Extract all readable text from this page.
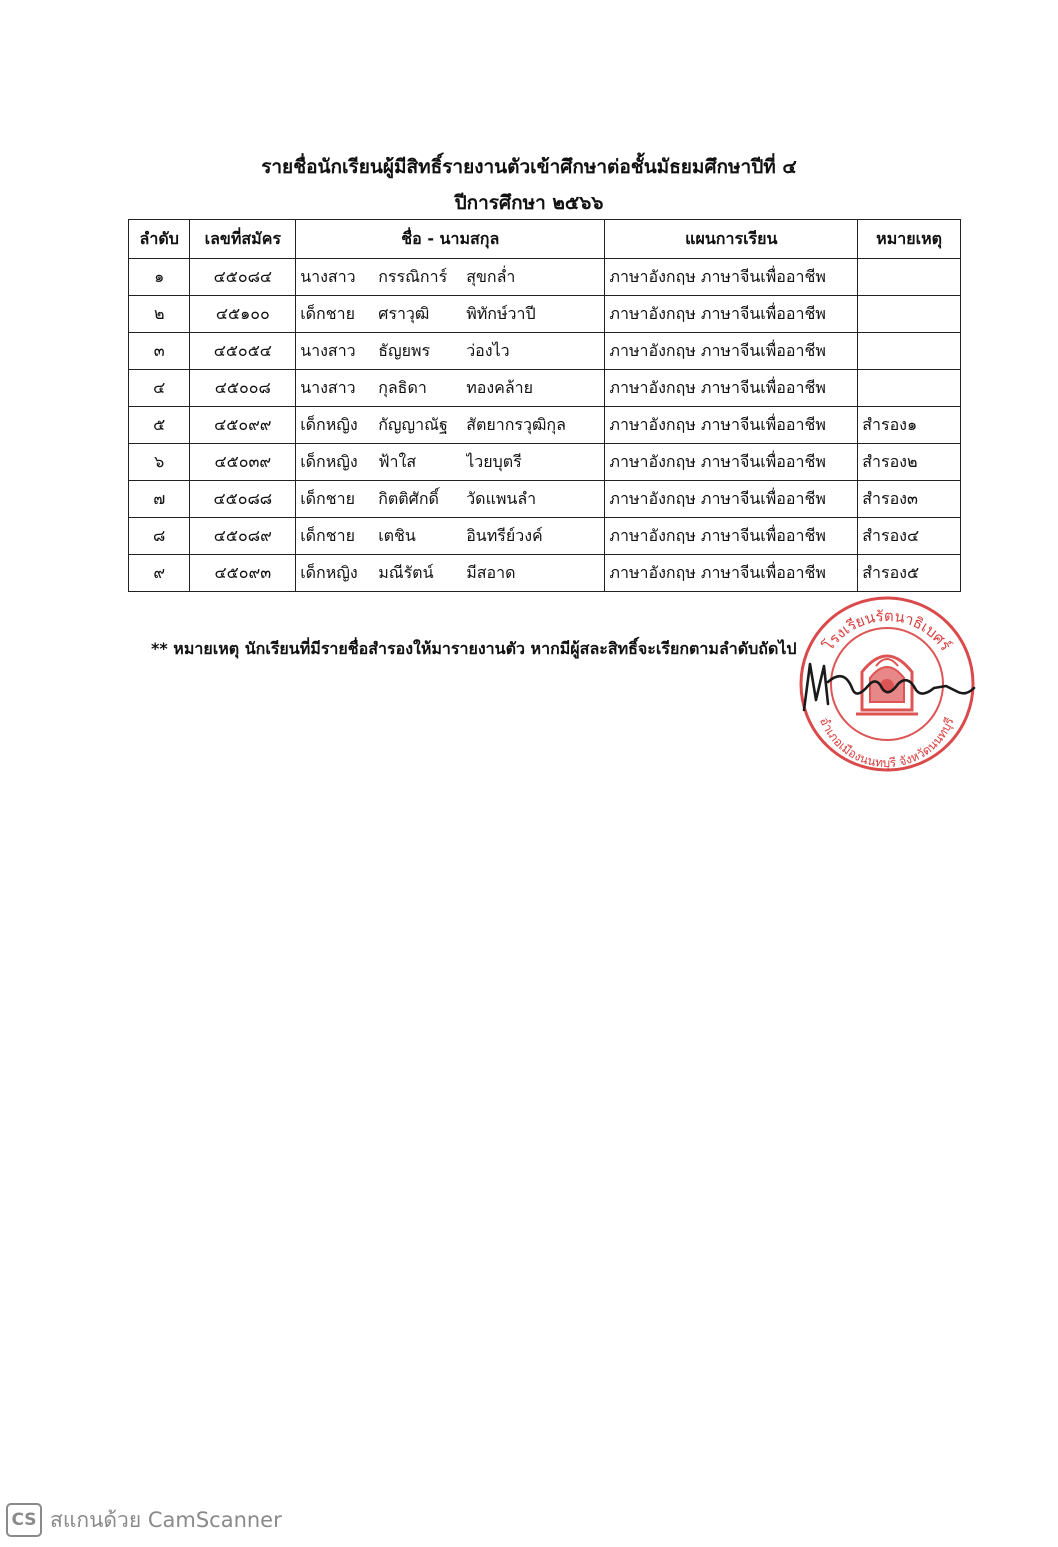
รายชื่อนักเรียนผู้มีสิทธิ์รายงานตัวเข้าศึกษาต่อชั้นมัธยมศึกษาปีที่ ๔
ปีการศึกษา ๒๕๖๖
ลำดับ	เลขที่สมัคร	ชื่อ - นามสกุล	แผนการเรียน	หมายเหตุ
๑	๔๕๐๘๔	นางสาว กรรณิการ์ สุขกล่ำ	ภาษาอังกฤษ ภาษาจีนเพื่ออาชีพ	
๒	๔๕๑๐๐	เด็กชาย ศราวุฒิ พิทักษ์วาปี	ภาษาอังกฤษ ภาษาจีนเพื่ออาชีพ	
๓	๔๕๐๕๔	นางสาว ธัญยพร ว่องไว	ภาษาอังกฤษ ภาษาจีนเพื่ออาชีพ	
๔	๔๕๐๐๘	นางสาว กุลธิดา ทองคล้าย	ภาษาอังกฤษ ภาษาจีนเพื่ออาชีพ	
๕	๔๕๐๙๙	เด็กหญิง กัญญาณัฐ สัตยากรวุฒิกุล	ภาษาอังกฤษ ภาษาจีนเพื่ออาชีพ	สำรอง๑
๖	๔๕๐๓๙	เด็กหญิง ฟ้าใส ไวยบุตรี	ภาษาอังกฤษ ภาษาจีนเพื่ออาชีพ	สำรอง๒
๗	๔๕๐๘๘	เด็กชาย กิตติศักดิ์ วัดแพนลำ	ภาษาอังกฤษ ภาษาจีนเพื่ออาชีพ	สำรอง๓
๘	๔๕๐๘๙	เด็กชาย เตชิน อินทรีย์วงค์	ภาษาอังกฤษ ภาษาจีนเพื่ออาชีพ	สำรอง๔
๙	๔๕๐๙๓	เด็กหญิง มณีรัตน์ มีสอาด	ภาษาอังกฤษ ภาษาจีนเพื่ออาชีพ	สำรอง๕
** หมายเหตุ นักเรียนที่มีรายชื่อสำรองให้มารายงานตัว หากมีผู้สละสิทธิ์จะเรียกตามลำดับถัดไป โรงเรียนรัตนาธิเบศร์
อำเภอเมืองนนทบุรี จังหวัดนนทบุรี
CS สแกนด้วย CamScanner
